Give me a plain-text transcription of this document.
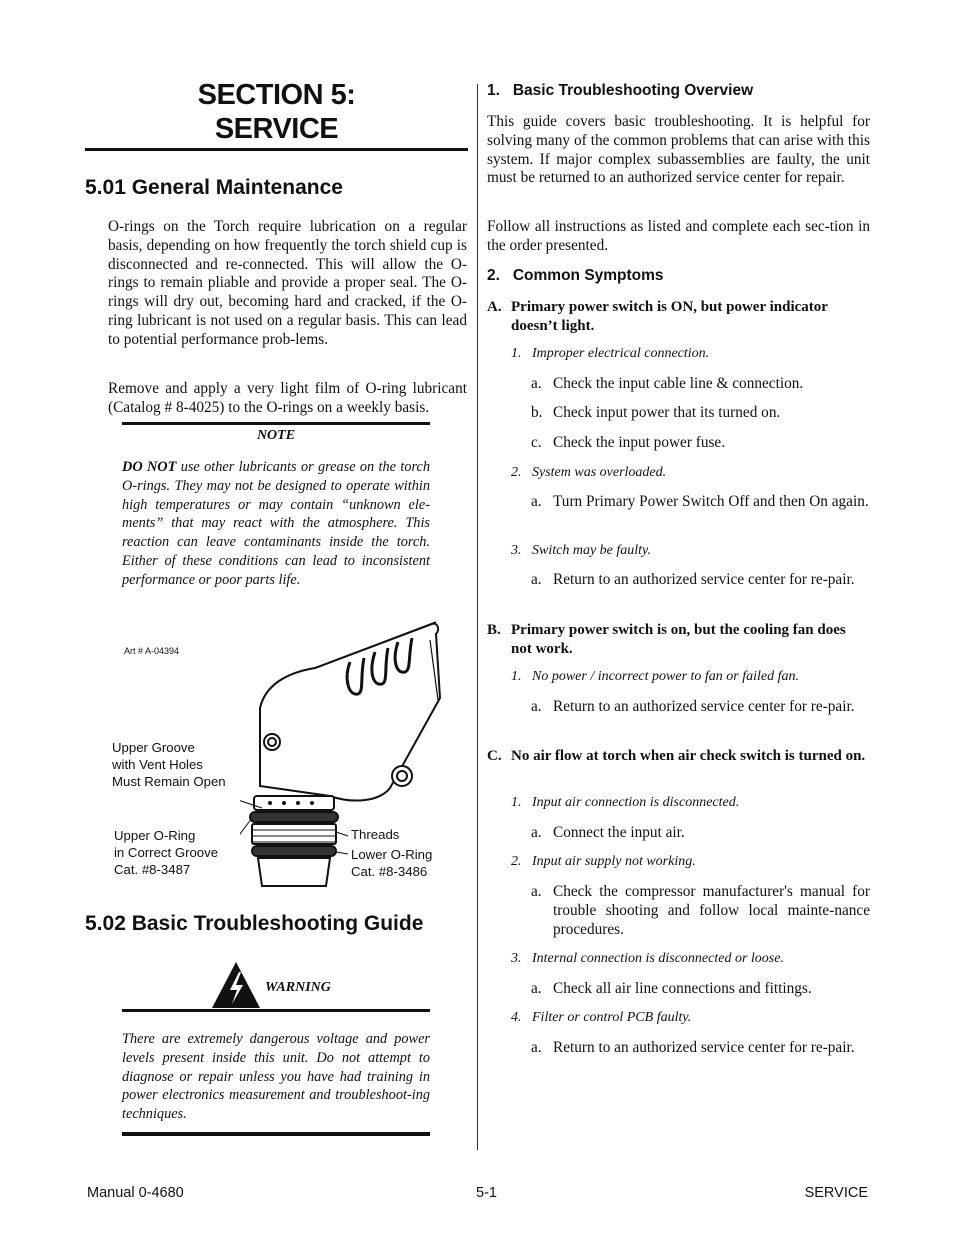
SECTION 5:
SERVICE
5.01 General Maintenance
O-rings on the Torch require lubrication on a regular basis, depending on how frequently the torch shield cup is disconnected and re-connected. This will allow the O-rings to remain pliable and provide a proper seal. The O-rings will dry out, becoming hard and cracked, if the O-ring lubricant is not used on a regular basis. This can lead to potential performance prob-lems.
Remove and apply a very light film of O-ring lubricant (Catalog # 8-4025) to the O-rings on a weekly basis.
NOTE
DO NOT use other lubricants or grease on the torch O-rings. They may not be designed to operate within high temperatures or may contain “unknown ele-ments” that may react with the atmosphere. This reaction can leave contaminants inside the torch. Either of these conditions can lead to inconsistent performance or poor parts life.
Art # A-04394
Upper Groove
with Vent Holes
Must Remain Open
Upper O-Ring
in Correct Groove
Cat. #8-3487
Threads
Lower O-Ring
Cat. #8-3486
5.02 Basic Troubleshooting Guide
WARNING
There are extremely dangerous voltage and power levels present inside this unit. Do not attempt to diagnose or repair unless you have had training in power electronics measurement and troubleshoot-ing techniques.
1.   Basic Troubleshooting Overview
This guide covers basic troubleshooting. It is helpful for solving many of the common problems that can arise with this system. If major complex subassemblies are faulty, the unit must be returned to an authorized service center for repair.
Follow all instructions as listed and complete each sec-tion in the order presented.
2.   Common Symptoms
A. Primary power switch is ON, but power indicator doesn’t light.
1.   Improper electrical connection.
a. Check the input cable line & connection.
b. Check input power that its turned on.
c. Check the input power fuse.
2.   System was overloaded.
a. Turn Primary Power Switch Off and then On again.
3.   Switch may be faulty.
a. Return to an authorized service center for re-pair.
B. Primary power switch is on, but the cooling fan does not work.
1.   No power / incorrect power to fan or failed fan.
a. Return to an authorized service center for re-pair.
C. No air flow at torch when air check switch is turned on.
1.   Input air connection is disconnected.
a. Connect the input air.
2.   Input air supply not working.
a. Check the compressor manufacturer's manual for trouble shooting and follow local mainte-nance procedures.
3.   Internal connection is disconnected or loose.
a. Check all air line connections and fittings.
4.   Filter or control PCB faulty.
a. Return to an authorized service center for re-pair.
Manual 0-4680	5-1	SERVICE
